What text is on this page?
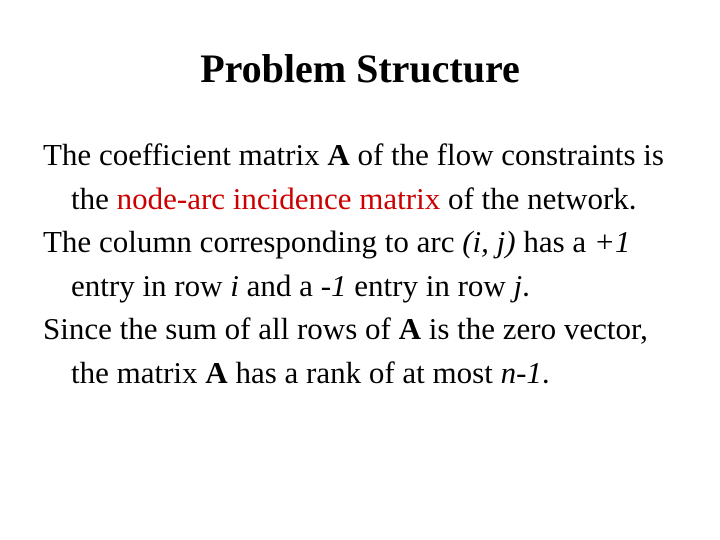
Problem Structure

The coefficient matrix A of the flow constraints is the node-arc incidence matrix of the network.

The column corresponding to arc (i, j) has a +1 entry in row i and a -1 entry in row j.

Since the sum of all rows of A is the zero vector, the matrix A has a rank of at most n-1.
